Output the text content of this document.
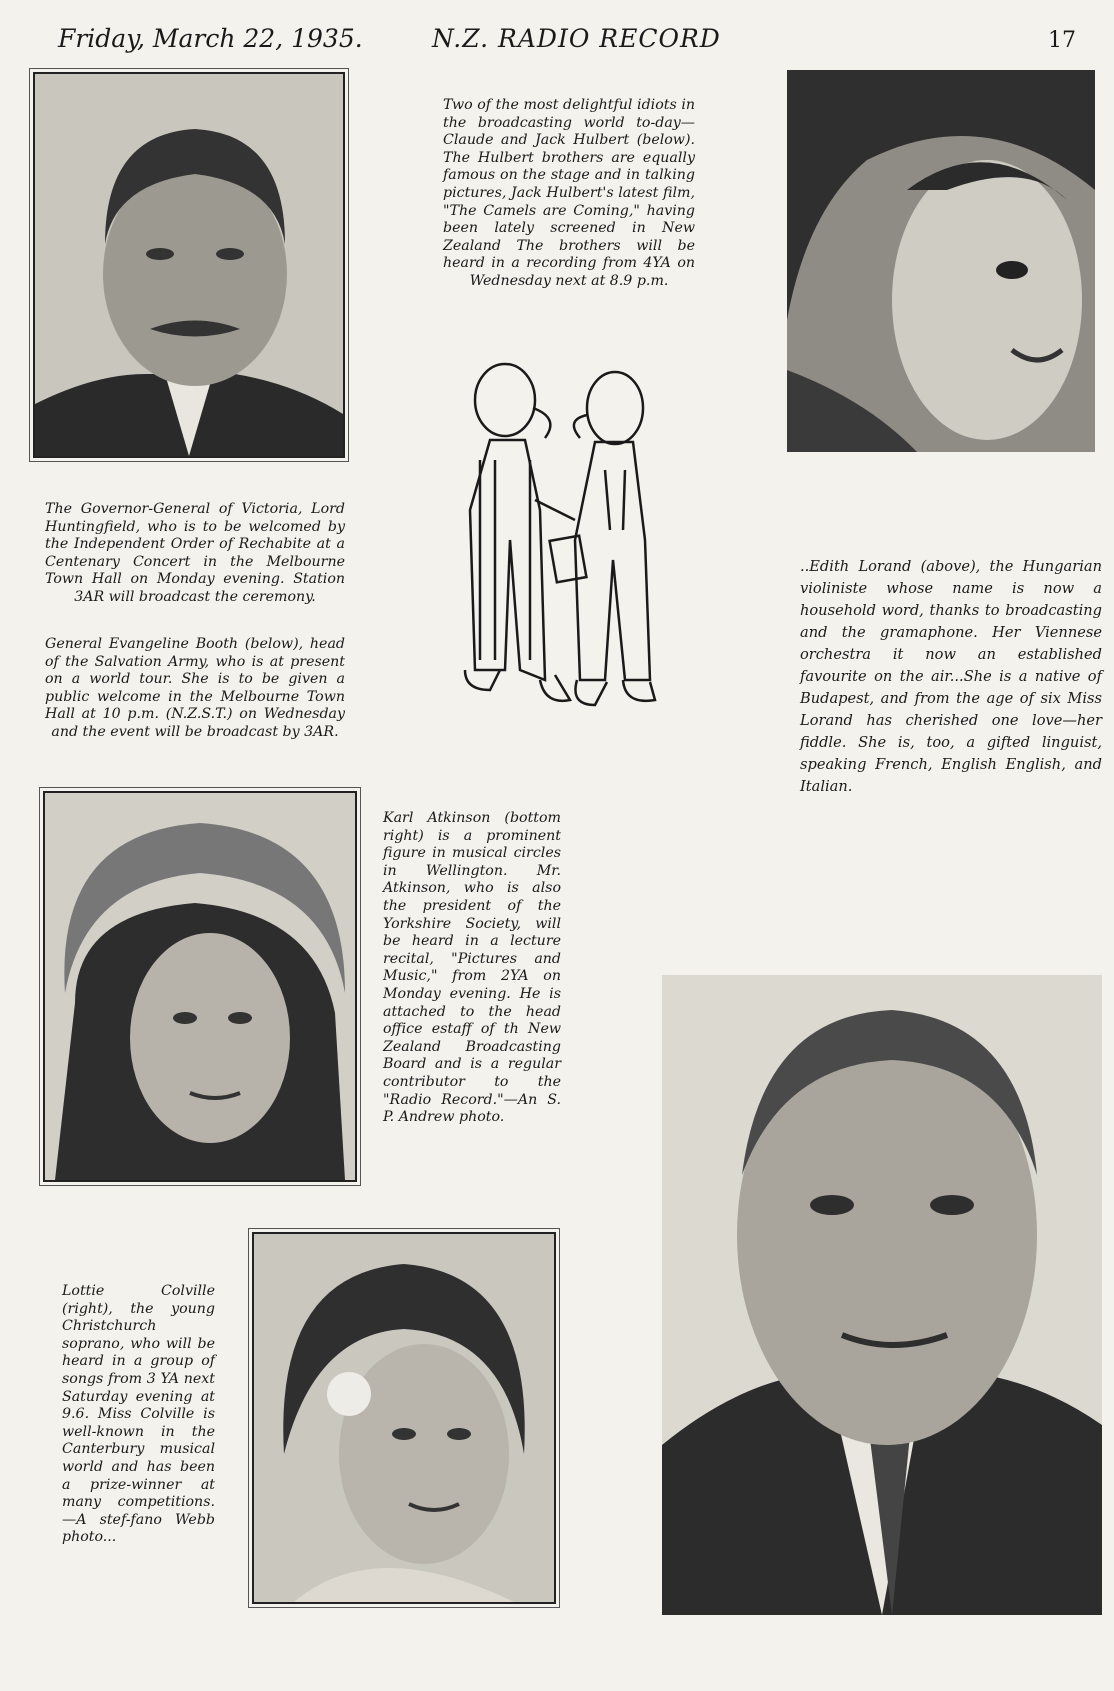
Friday, March 22, 1935.	N.Z. RADIO RECORD	17
Two of the most delightful idiots in the broadcasting world to-day—Claude and Jack Hulbert (below). The Hulbert brothers are equally famous on the stage and in talking pictures, Jack Hulbert's latest film, "The Camels are Coming," having been lately screened in New Zealand The brothers will be heard in a recording from 4YA on Wednesday next at 8.9 p.m.
The Governor-General of Victoria, Lord Huntingfield, who is to be welcomed by the Independent Order of Rechabite at a Centenary Concert in the Melbourne Town Hall on Monday evening. Station 3AR will broadcast the ceremony.
General Evangeline Booth (below), head of the Salvation Army, who is at present on a world tour. She is to be given a public welcome in the Melbourne Town Hall at 10 p.m. (N.Z.S.T.) on Wednesday and the event will be broadcast by 3AR.
..Edith Lorand (above), the Hungarian violiniste whose name is now a household word, thanks to broadcasting and the gramaphone. Her Viennese orchestra it now an established favourite on the air...She is a native of Budapest, and from the age of six Miss Lorand has cherished one love—her fiddle. She is, too, a gifted linguist, speaking French, English English, and Italian.
Karl Atkinson (bottom right) is a prominent figure in musical circles in Wellington. Mr. Atkinson, who is also the president of the Yorkshire Society, will be heard in a lecture recital, "Pictures and Music," from 2YA on Monday evening. He is attached to the head office estaff of th New Zealand Broadcasting Board and is a regular contributor to the "Radio Record."—An S. P. Andrew photo.
Lottie Colville (right), the young Christchurch soprano, who will be heard in a group of songs from 3 YA next Saturday evening at 9.6. Miss Colville is well-known in the Canterbury musical world and has been a prize-winner at many competitions.—A stef-fano Webb photo...
